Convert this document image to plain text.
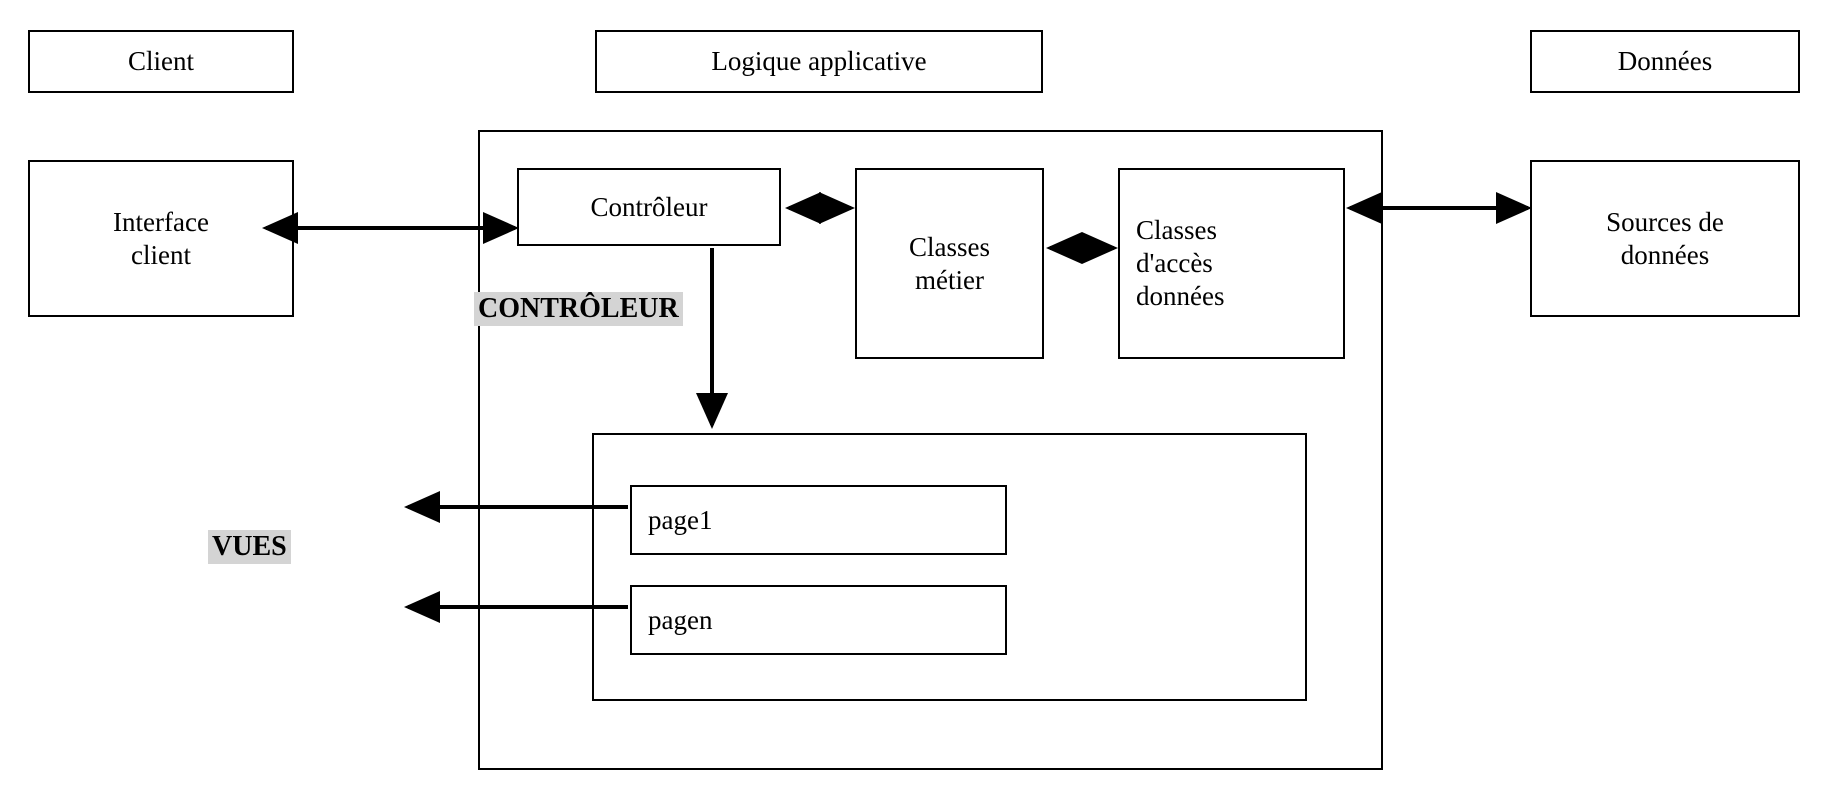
Client	Logique applicative	Données
Interface
client
Sources de
données
Contrôleur
Classes
métier
Classes
d'accès
données
page1
pagen
CONTRÔLEUR
VUES
